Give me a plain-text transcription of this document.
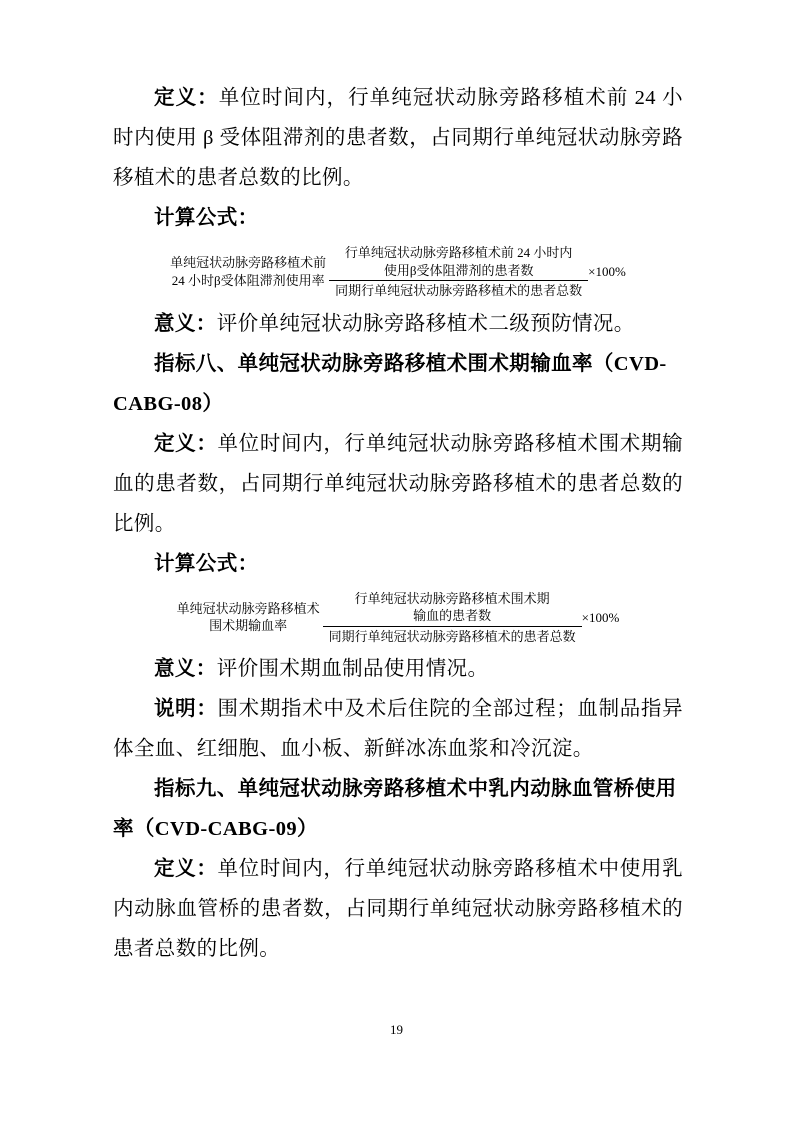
定义：单位时间内，行单纯冠状动脉旁路移植术前 24 小时内使用 β 受体阻滞剂的患者数，占同期行单纯冠状动脉旁路移植术的患者总数的比例。

计算公式：

单纯冠状动脉旁路移植术前
24 小时β受体阻滞剂使用率 行单纯冠状动脉旁路移植术前 24 小时内
使用β受体阻滞剂的患者数
同期行单纯冠状动脉旁路移植术的患者总数 ×100%

意义：评价单纯冠状动脉旁路移植术二级预防情况。

指标八、单纯冠状动脉旁路移植术围术期输血率（CVD-CABG-08）

定义：单位时间内，行单纯冠状动脉旁路移植术围术期输血的患者数，占同期行单纯冠状动脉旁路移植术的患者总数的比例。

计算公式：

单纯冠状动脉旁路移植术
围术期输血率	行单纯冠状动脉旁路移植术围术期
输血的患者数
同期行单纯冠状动脉旁路移植术的患者总数 ×100%

意义：评价围术期血制品使用情况。

说明：围术期指术中及术后住院的全部过程；血制品指异体全血、红细胞、血小板、新鲜冰冻血浆和冷沉淀。

指标九、单纯冠状动脉旁路移植术中乳内动脉血管桥使用率（CVD-CABG-09）

定义：单位时间内，行单纯冠状动脉旁路移植术中使用乳内动脉血管桥的患者数，占同期行单纯冠状动脉旁路移植术的患者总数的比例。

19
